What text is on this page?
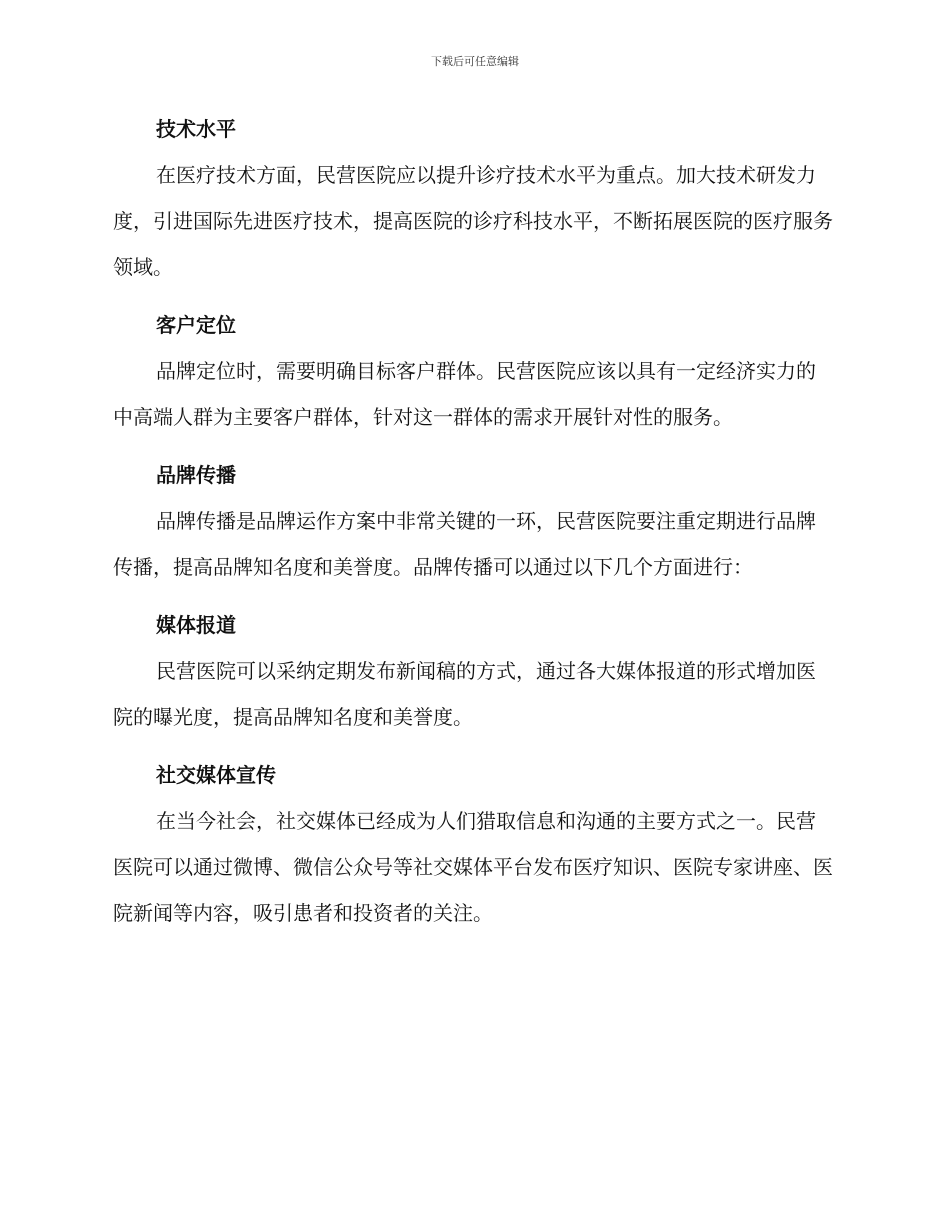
下载后可任意编辑
技术水平

在医疗技术方面，民营医院应以提升诊疗技术水平为重点。加大技术研发力度，引进国际先进医疗技术，提高医院的诊疗科技水平，不断拓展医院的医疗服务领域。

客户定位

品牌定位时，需要明确目标客户群体。民营医院应该以具有一定经济实力的中高端人群为主要客户群体，针对这一群体的需求开展针对性的服务。

品牌传播

品牌传播是品牌运作方案中非常关键的一环，民营医院要注重定期进行品牌传播，提高品牌知名度和美誉度。品牌传播可以通过以下几个方面进行：

媒体报道

民营医院可以采纳定期发布新闻稿的方式，通过各大媒体报道的形式增加医院的曝光度，提高品牌知名度和美誉度。

社交媒体宣传

在当今社会，社交媒体已经成为人们猎取信息和沟通的主要方式之一。民营医院可以通过微博、微信公众号等社交媒体平台发布医疗知识、医院专家讲座、医院新闻等内容，吸引患者和投资者的关注。
